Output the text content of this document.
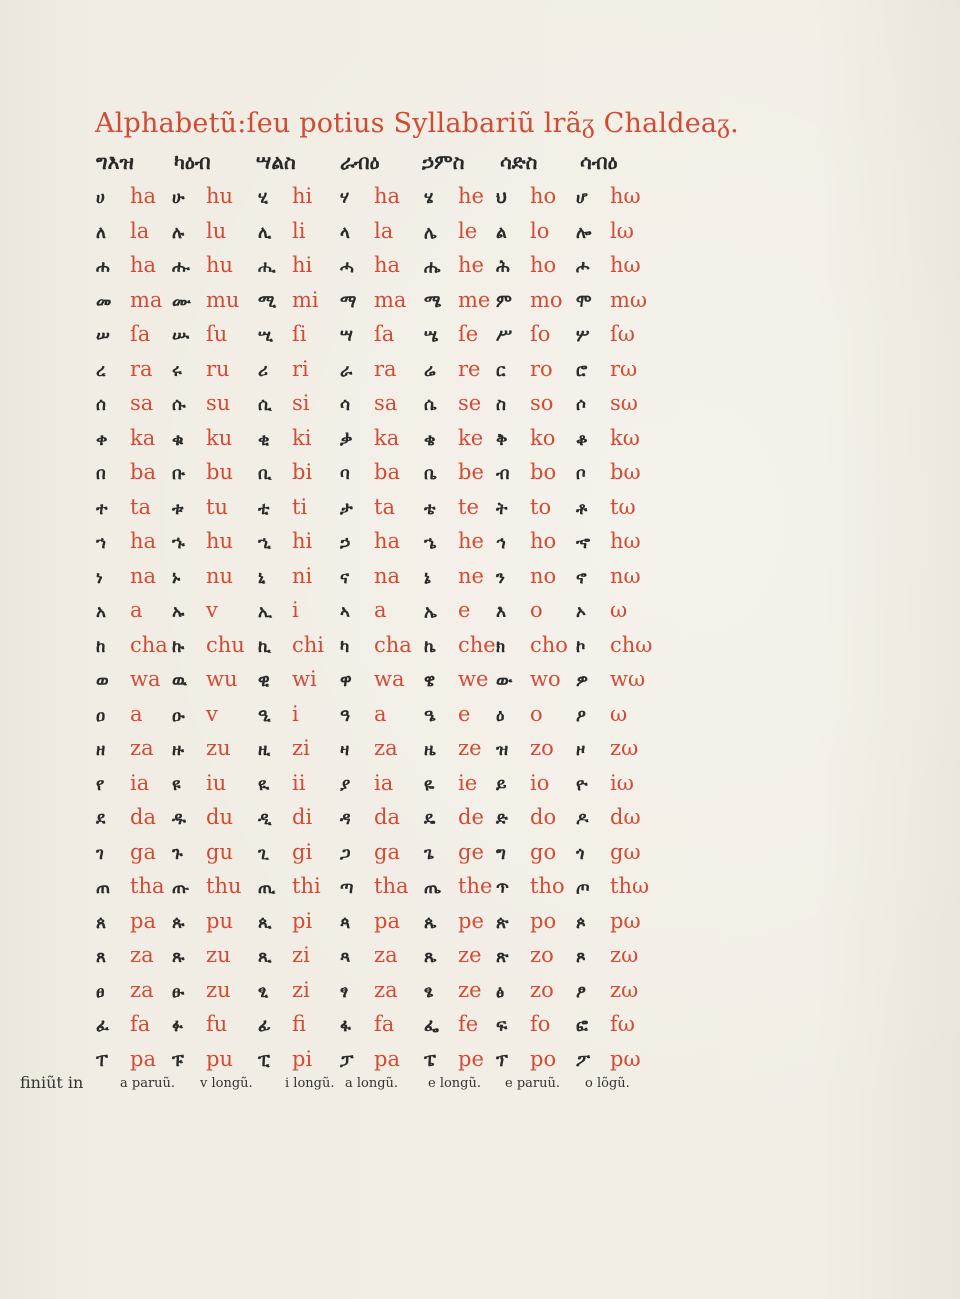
Alphabetũ:ſeu potius Syllabariũ lrãᵹ Chaldeaᵹ.
ግእዝ ካዕብ ሣልስ ራብዕ ኃምስ ሳድስ ሳብዕ
ሀ ha ሁ hu ሂ hi ሃ ha ሄ he ህ ho ሆ hω
ለ la ሉ lu ሊ li ላ la ሌ le ል lo ሎ lω
ሐ ha ሑ hu ሒ hi ሓ ha ሔ he ሕ ho ሖ hω
መ ma ሙ mu ሚ mi ማ ma ሜ me ም mo ሞ mω
ሠ ſa ሡ ſu ሢ ſi ሣ ſa ሤ ſe ሥ ſo ሦ ſω
ረ ra ሩ ru ሪ ri ራ ra ሬ re ር ro ሮ rω
ሰ sa ሱ su ሲ si ሳ sa ሴ se ስ so ሶ sω
ቀ ka ቁ ku ቂ ki ቃ ka ቄ ke ቅ ko ቆ kω
በ ba ቡ bu ቢ bi ባ ba ቤ be ብ bo ቦ bω
ተ ta ቱ tu ቲ ti ታ ta ቴ te ት to ቶ tω
ኀ ha ኁ hu ኂ hi ኃ ha ኄ he ኅ ho ኆ hω
ነ na ኑ nu ኒ ni ና na ኔ ne ን no ኖ nω
አ a ኡ v ኢ i ኣ a ኤ e እ o ኦ ω
ከ cha ኩ chu ኪ chi ካ cha ኬ che ክ cho ኮ chω
ወ wa ዉ wu ዊ wi ዋ wa ዌ we ው wo ዎ wω
ዐ a ዑ v ዒ i ዓ a ዔ e ዕ o ዖ ω
ዘ za ዙ zu ዚ zi ዛ za ዜ ze ዝ zo ዞ zω
የ ia ዩ iu ዪ ii ያ ia ዬ ie ይ io ዮ iω
ደ da ዱ du ዲ di ዳ da ዴ de ድ do ዶ dω
ገ ga ጉ gu ጊ gi ጋ ga ጌ ge ግ go ጎ gω
ጠ tha ጡ thu ጢ thi ጣ tha ጤ the ጥ tho ጦ thω
ጰ pa ጱ pu ጲ pi ጳ pa ጴ pe ጵ po ጶ pω
ጸ za ጹ zu ጺ zi ጻ za ጼ ze ጽ zo ጾ zω
ፀ za ፁ zu ፂ zi ፃ za ፄ ze ፅ zo ፆ zω
ፈ fa ፉ fu ፊ fi ፋ fa ፌ fe ፍ fo ፎ fω
ፐ pa ፑ pu ፒ pi ፓ pa ፔ pe ፕ po ፖ pω
finiũt in	a paruũ. v longũ. i longũ. a longũ. e longũ. e paruũ. o lõgũ.
